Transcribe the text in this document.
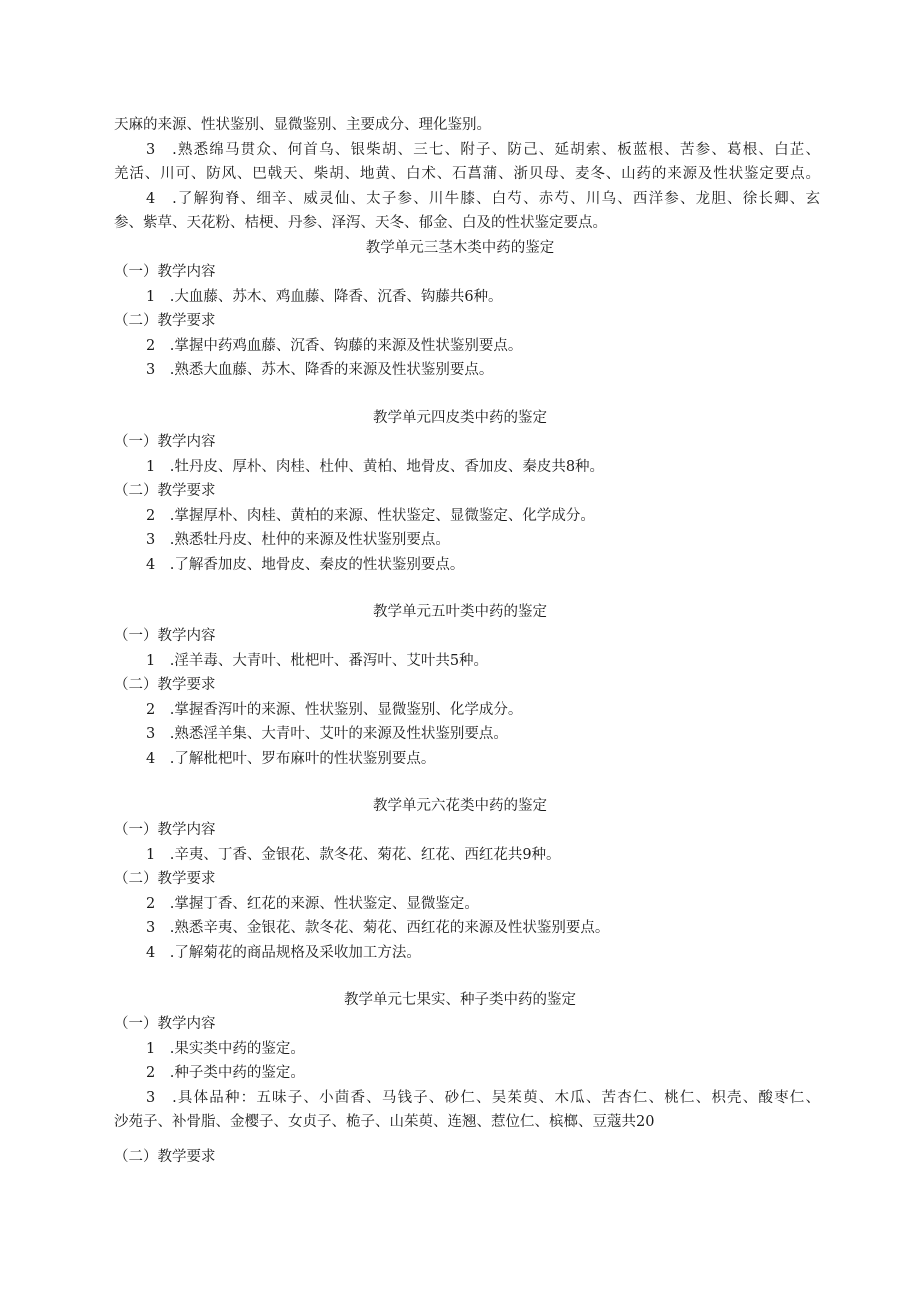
天麻的来源、性状鉴别、显微鉴别、主要成分、理化鉴别。
3　.熟悉绵马贯众、何首乌、银柴胡、三七、附子、防己、延胡索、板蓝根、苦参、葛根、白芷、
羌活、川可、防风、巴戟天、柴胡、地黄、白术、石菖蒲、浙贝母、麦冬、山药的来源及性状鉴定要点。
4　.了解狗脊、细辛、威灵仙、太子参、川牛膝、白芍、赤芍、川乌、西洋参、龙胆、徐长卿、玄
参、紫草、天花粉、桔梗、丹参、泽泻、天冬、郁金、白及的性状鉴定要点。
教学单元三茎木类中药的鉴定
（一）教学内容
1　.大血藤、苏木、鸡血藤、降香、沉香、钩藤共6种。
（二）教学要求
2　.掌握中药鸡血藤、沉香、钩藤的来源及性状鉴别要点。
3　.熟悉大血藤、苏木、降香的来源及性状鉴别要点。
教学单元四皮类中药的鉴定
（一）教学内容
1　.牡丹皮、厚朴、肉桂、杜仲、黄柏、地骨皮、香加皮、秦皮共8种。
（二）教学要求
2　.掌握厚朴、肉桂、黄柏的来源、性状鉴定、显微鉴定、化学成分。
3　.熟悉牡丹皮、杜仲的来源及性状鉴别要点。
4　.了解香加皮、地骨皮、秦皮的性状鉴别要点。
教学单元五叶类中药的鉴定
（一）教学内容
1　.淫羊毒、大青叶、枇杷叶、番泻叶、艾叶共5种。
（二）教学要求
2　.掌握香泻叶的来源、性状鉴别、显微鉴别、化学成分。
3　.熟悉淫羊集、大青叶、艾叶的来源及性状鉴别要点。
4　.了解枇杷叶、罗布麻叶的性状鉴别要点。
教学单元六花类中药的鉴定
（一）教学内容
1　.辛夷、丁香、金银花、款冬花、菊花、红花、西红花共9种。
（二）教学要求
2　.掌握丁香、红花的来源、性状鉴定、显微鉴定。
3　.熟悉辛夷、金银花、款冬花、菊花、西红花的来源及性状鉴别要点。
4　.了解菊花的商品规格及采收加工方法。
教学单元七果实、种子类中药的鉴定
（一）教学内容
1　.果实类中药的鉴定。
2　.种子类中药的鉴定。
3　.具体品种：五味子、小茴香、马钱子、砂仁、吴茱萸、木瓜、苦杏仁、桃仁、枳壳、酸枣仁、
沙苑子、补骨脂、金樱子、女贞子、桅子、山茱萸、连翘、惹位仁、槟榔、豆蔻共20
（二）教学要求
